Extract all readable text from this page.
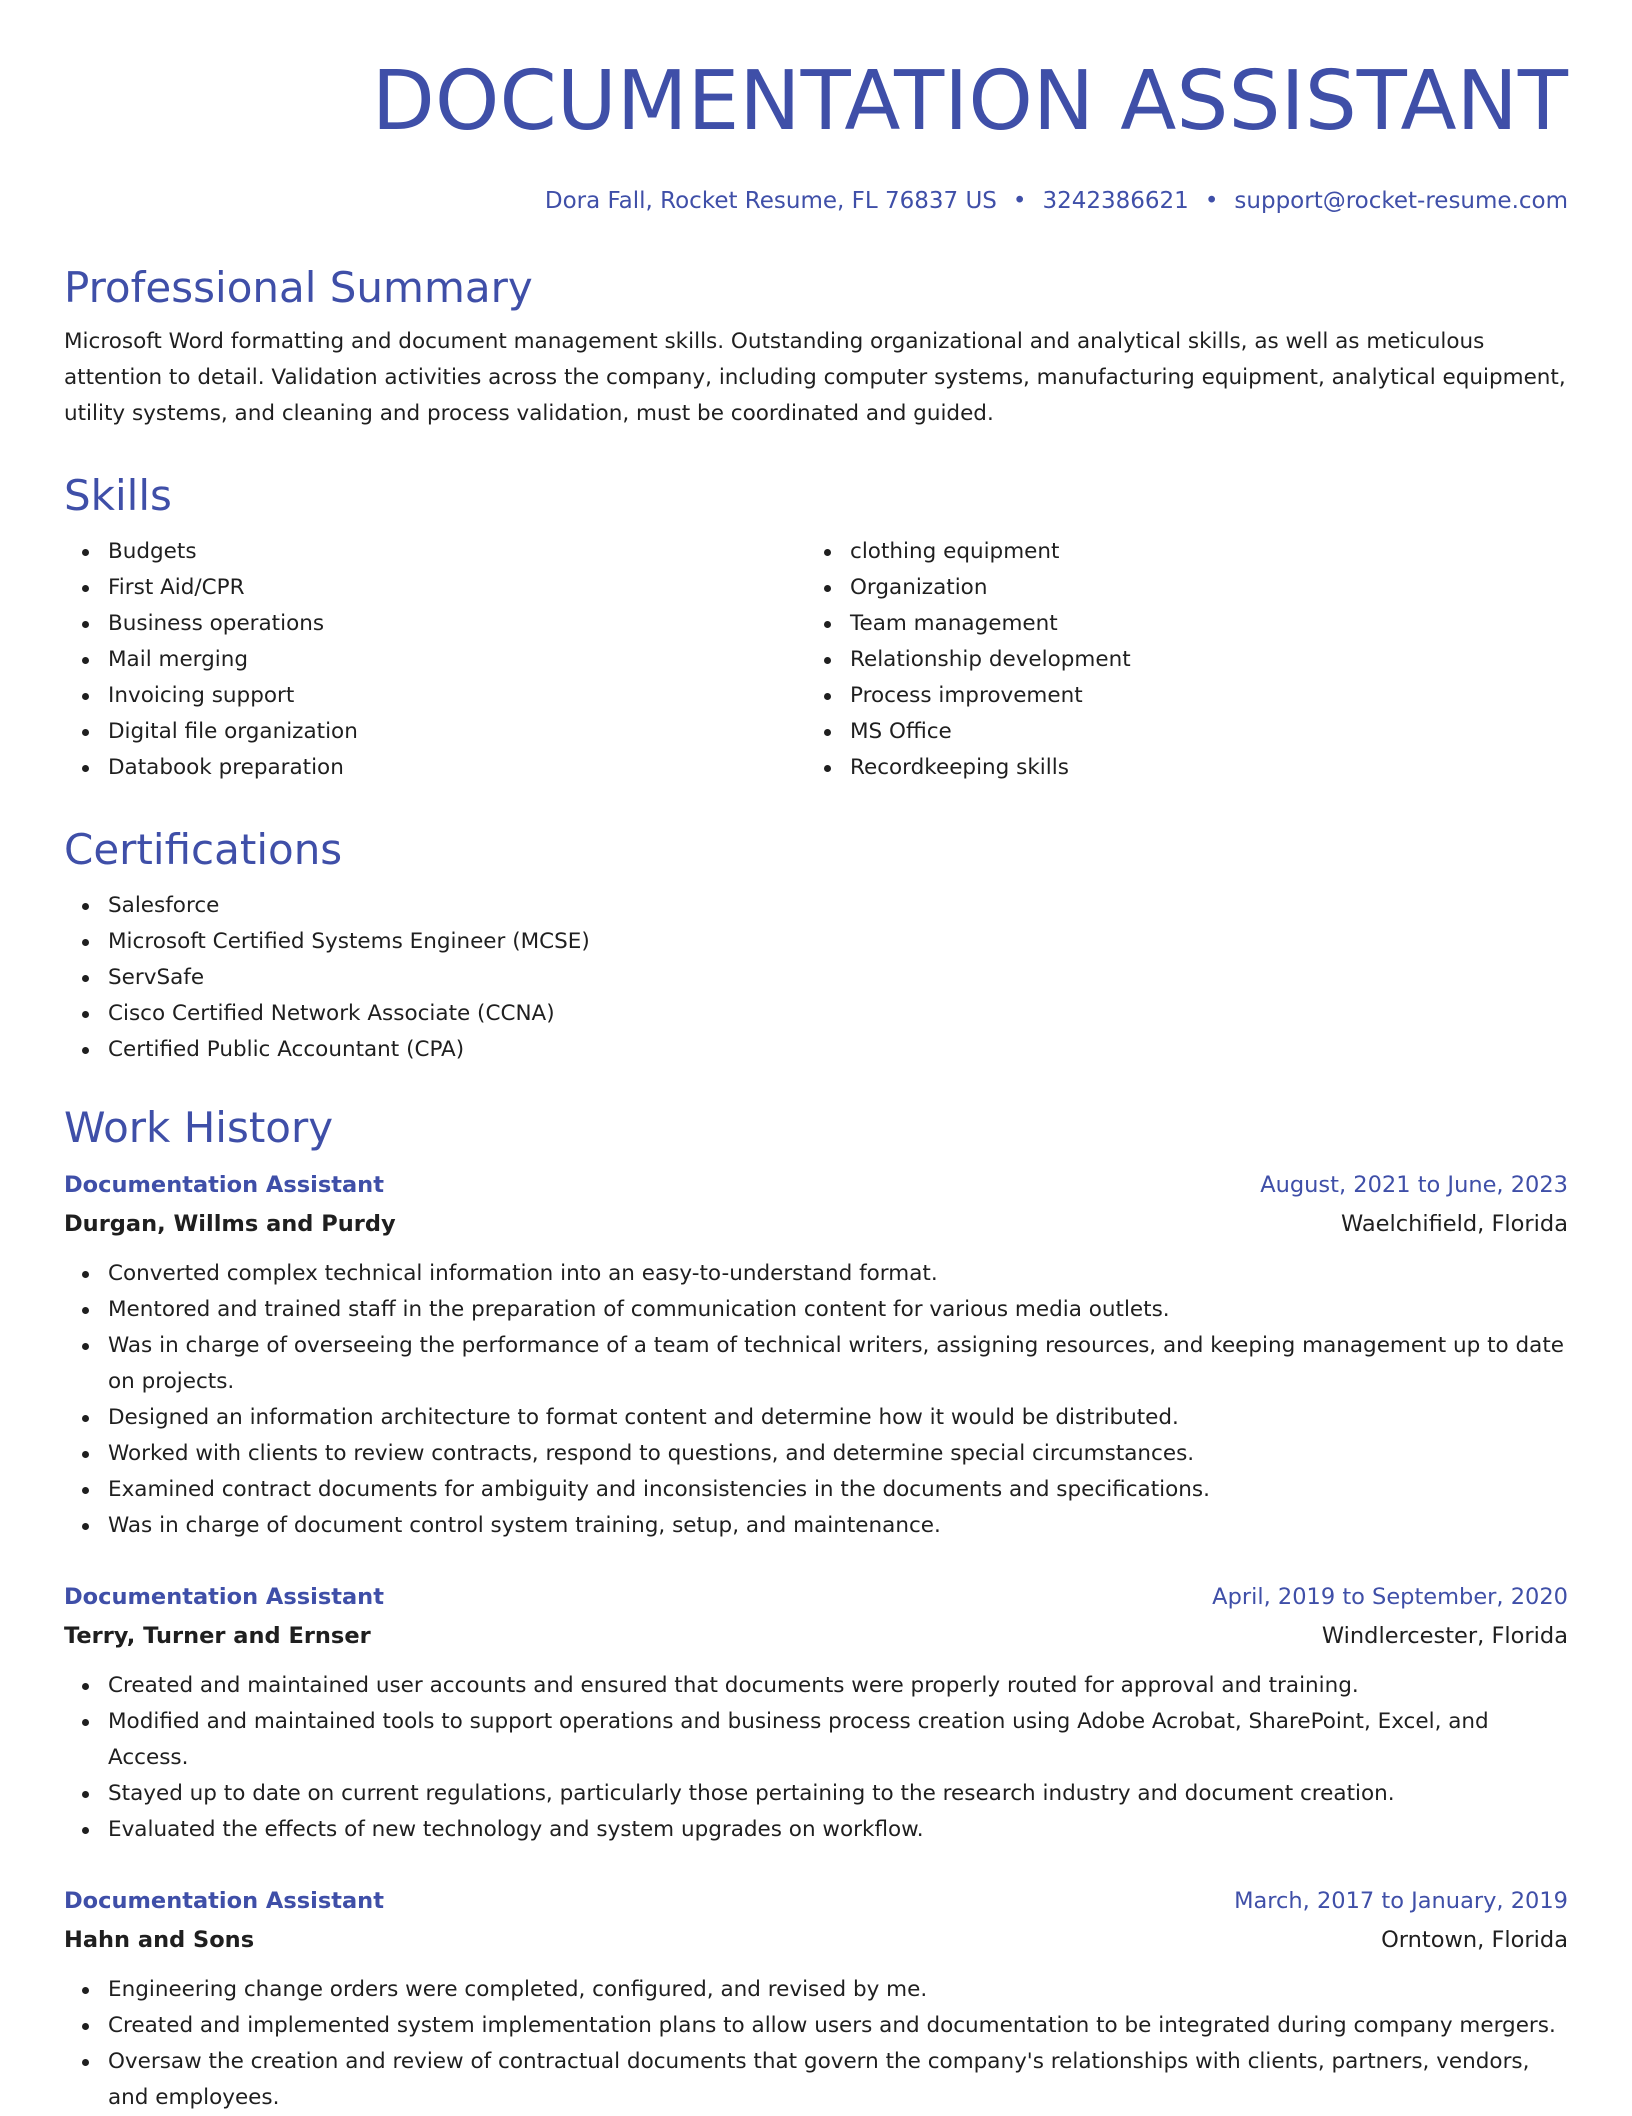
DOCUMENTATION ASSISTANT
Dora Fall, Rocket Resume, FL 76837 US • 3242386621 • support@rocket-resume.com
Professional Summary

Microsoft Word formatting and document management skills. Outstanding organizational and analytical skills, as well as meticulous attention to detail. Validation activities across the company, including computer systems, manufacturing equipment, analytical equipment, utility systems, and cleaning and process validation, must be coordinated and guided.

Skills
Budgets
First Aid/CPR
Business operations
Mail merging
Invoicing support
Digital file organization
Databook preparation
clothing equipment
Organization
Team management
Relationship development
Process improvement
MS Office
Recordkeeping skills
Certifications
Salesforce
Microsoft Certified Systems Engineer (MCSE)
ServSafe
Cisco Certified Network Associate (CCNA)
Certified Public Accountant (CPA)
Work History
Documentation Assistant	August, 2021 to June, 2023
Durgan, Willms and Purdy	Waelchifield, Florida
Converted complex technical information into an easy-to-understand format.
Mentored and trained staff in the preparation of communication content for various media outlets.
Was in charge of overseeing the performance of a team of technical writers, assigning resources, and keeping management up to date on projects.
Designed an information architecture to format content and determine how it would be distributed.
Worked with clients to review contracts, respond to questions, and determine special circumstances.
Examined contract documents for ambiguity and inconsistencies in the documents and specifications.
Was in charge of document control system training, setup, and maintenance.
Documentation Assistant	April, 2019 to September, 2020
Terry, Turner and Ernser	Windlercester, Florida
Created and maintained user accounts and ensured that documents were properly routed for approval and training.
Modified and maintained tools to support operations and business process creation using Adobe Acrobat, SharePoint, Excel, and Access.
Stayed up to date on current regulations, particularly those pertaining to the research industry and document creation.
Evaluated the effects of new technology and system upgrades on workflow.
Documentation Assistant	March, 2017 to January, 2019
Hahn and Sons	Orntown, Florida
Engineering change orders were completed, configured, and revised by me.
Created and implemented system implementation plans to allow users and documentation to be integrated during company mergers.
Oversaw the creation and review of contractual documents that govern the company's relationships with clients, partners, vendors, and employees.
